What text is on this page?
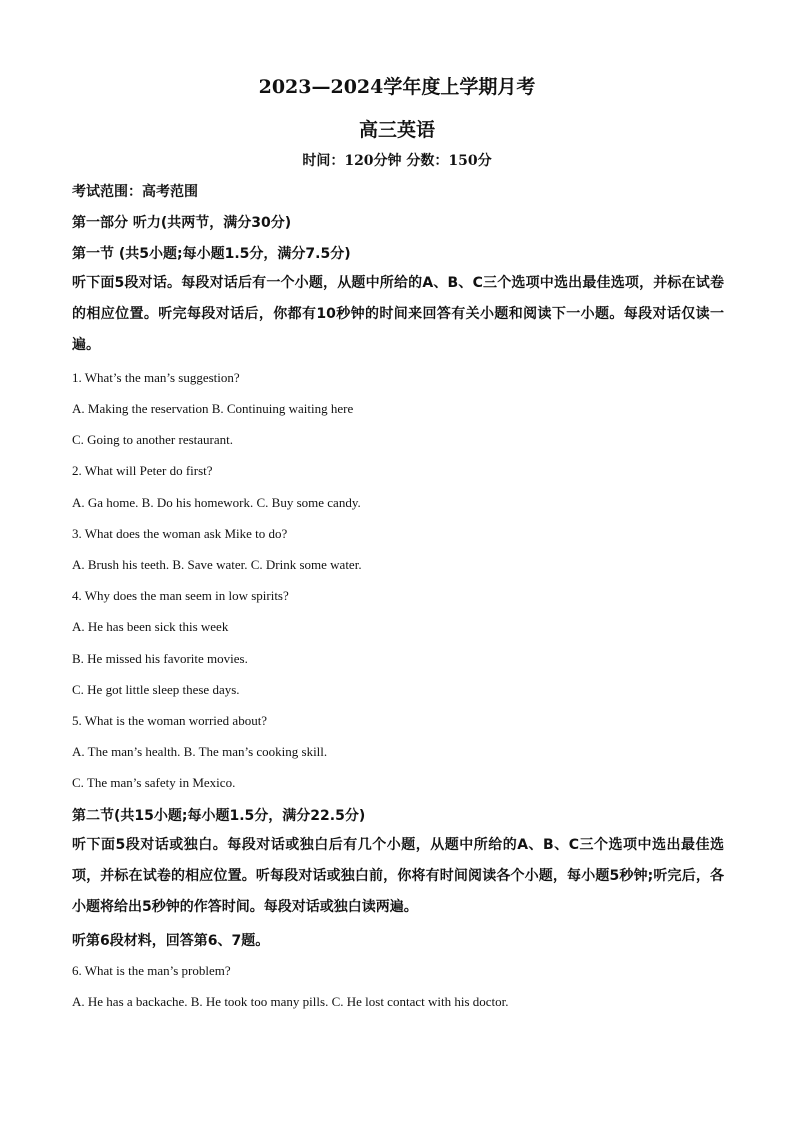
2023—2024学年度上学期月考
高三英语
时间：120分钟 分数：150分
考试范围：高考范围
第一部分 听力(共两节，满分30分)
第一节 (共5小题;每小题1.5分，满分7.5分)
听下面5段对话。每段对话后有一个小题，从题中所给的A、B、C三个选项中选出最佳选项，并标在试卷的相应位置。听完每段对话后，你都有10秒钟的时间来回答有关小题和阅读下一小题。每段对话仅读一遍。
1. What’s the man’s suggestion?
A. Making the reservation B. Continuing waiting here
C. Going to another restaurant.
2. What will Peter do first?
A. Ga home. B. Do his homework. C. Buy some candy.
3. What does the woman ask Mike to do?
A. Brush his teeth. B. Save water. C. Drink some water.
4. Why does the man seem in low spirits?
A. He has been sick this week
B. He missed his favorite movies.
C. He got little sleep these days.
5. What is the woman worried about?
A. The man’s health. B. The man’s cooking skill.
C. The man’s safety in Mexico.
第二节(共15小题;每小题1.5分，满分22.5分)
听下面5段对话或独白。每段对话或独白后有几个小题，从题中所给的A、B、C三个选项中选出最佳选项，并标在试卷的相应位置。听每段对话或独白前，你将有时间阅读各个小题，每小题5秒钟;听完后，各小题将给出5秒钟的作答时间。每段对话或独白读两遍。
听第6段材料，回答第6、7题。
6. What is the man’s problem?
A. He has a backache. B. He took too many pills. C. He lost contact with his doctor.
